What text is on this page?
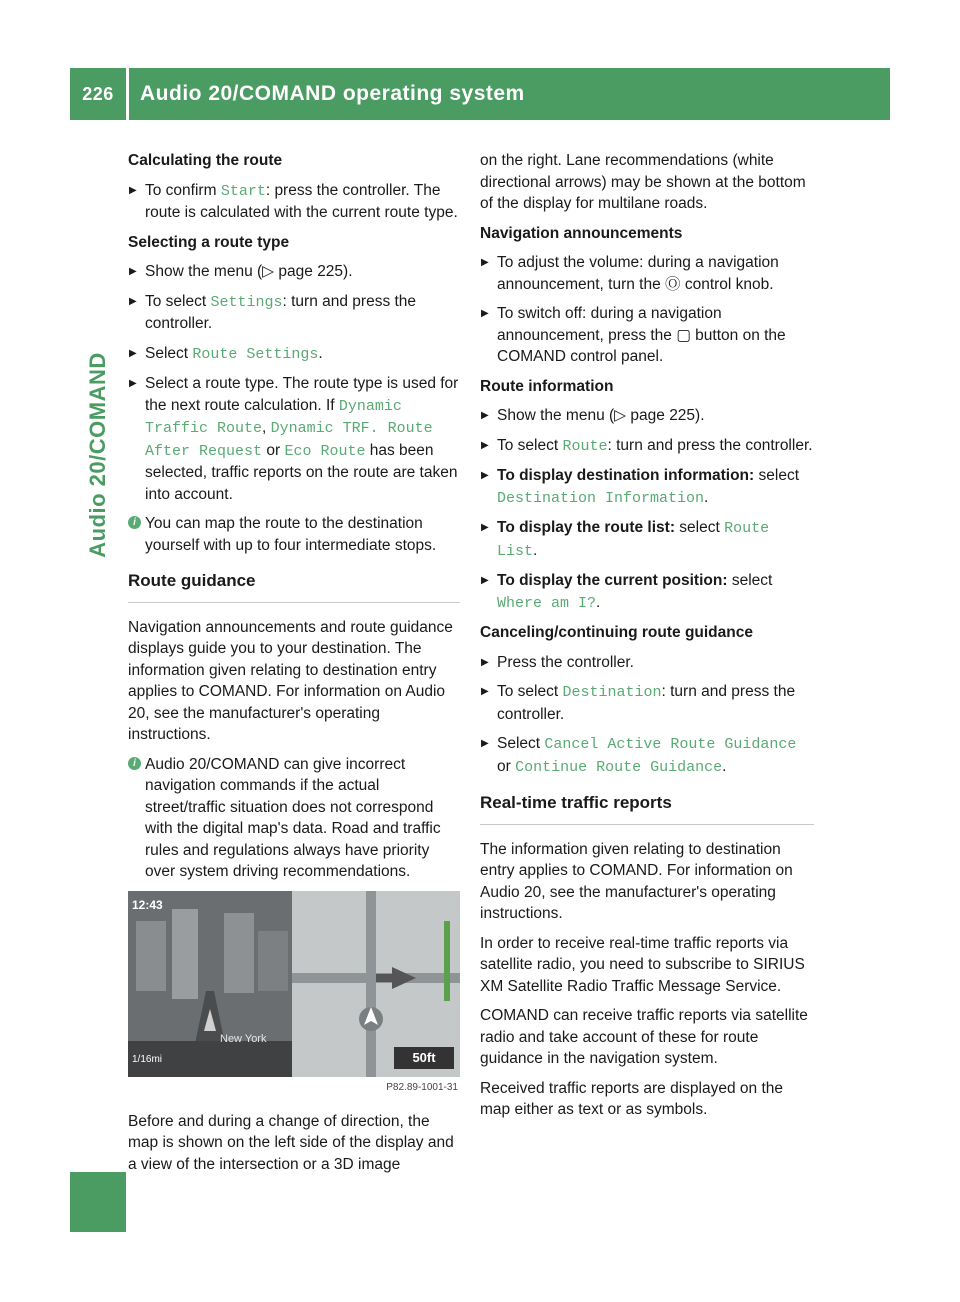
226	Audio 20/COMAND operating system
Audio 20/COMAND
Calculating the route
▶ To confirm Start: press the controller. The route is calculated with the current route type.
Selecting a route type
▶ Show the menu (▷ page 225).
▶ To select Settings: turn and press the controller.
▶ Select Route Settings.
▶ Select a route type. The route type is used for the next route calculation. If Dynamic Traffic Route, Dynamic TRF. Route After Request or Eco Route has been selected, traffic reports on the route are taken into account.
i You can map the route to the destination yourself with up to four intermediate stops.
Route guidance

Navigation announcements and route guidance displays guide you to your destination. The information given relating to destination entry applies to COMAND. For information on Audio 20, see the manufacturer's operating instructions.

i Audio 20/COMAND can give incorrect navigation commands if the actual street/traffic situation does not correspond with the digital map's data. Road and traffic rules and regulations always have priority over system driving recommendations.
12:43
New York
1/16mi	50ft
P82.89-1001-31

Before and during a change of direction, the map is shown on the left side of the display and a view of the intersection or a 3D image

on the right. Lane recommendations (white directional arrows) may be shown at the bottom of the display for multilane roads.

Navigation announcements
▶ To adjust the volume: during a navigation announcement, turn the Ⓞ control knob.
▶ To switch off: during a navigation announcement, press the ▢ button on the COMAND control panel.
Route information
▶ Show the menu (▷ page 225).
▶ To select Route: turn and press the controller.
▶ To display destination information: select Destination Information.
▶ To display the route list: select Route List.
▶ To display the current position: select Where am I?.
Canceling/continuing route guidance
▶ Press the controller.
▶ To select Destination: turn and press the controller.
▶ Select Cancel Active Route Guidance or Continue Route Guidance.
Real-time traffic reports

The information given relating to destination entry applies to COMAND. For information on Audio 20, see the manufacturer's operating instructions.

In order to receive real-time traffic reports via satellite radio, you need to subscribe to SIRIUS XM Satellite Radio Traffic Message Service.

COMAND can receive traffic reports via satellite radio and take account of these for route guidance in the navigation system.

Received traffic reports are displayed on the map either as text or as symbols.
